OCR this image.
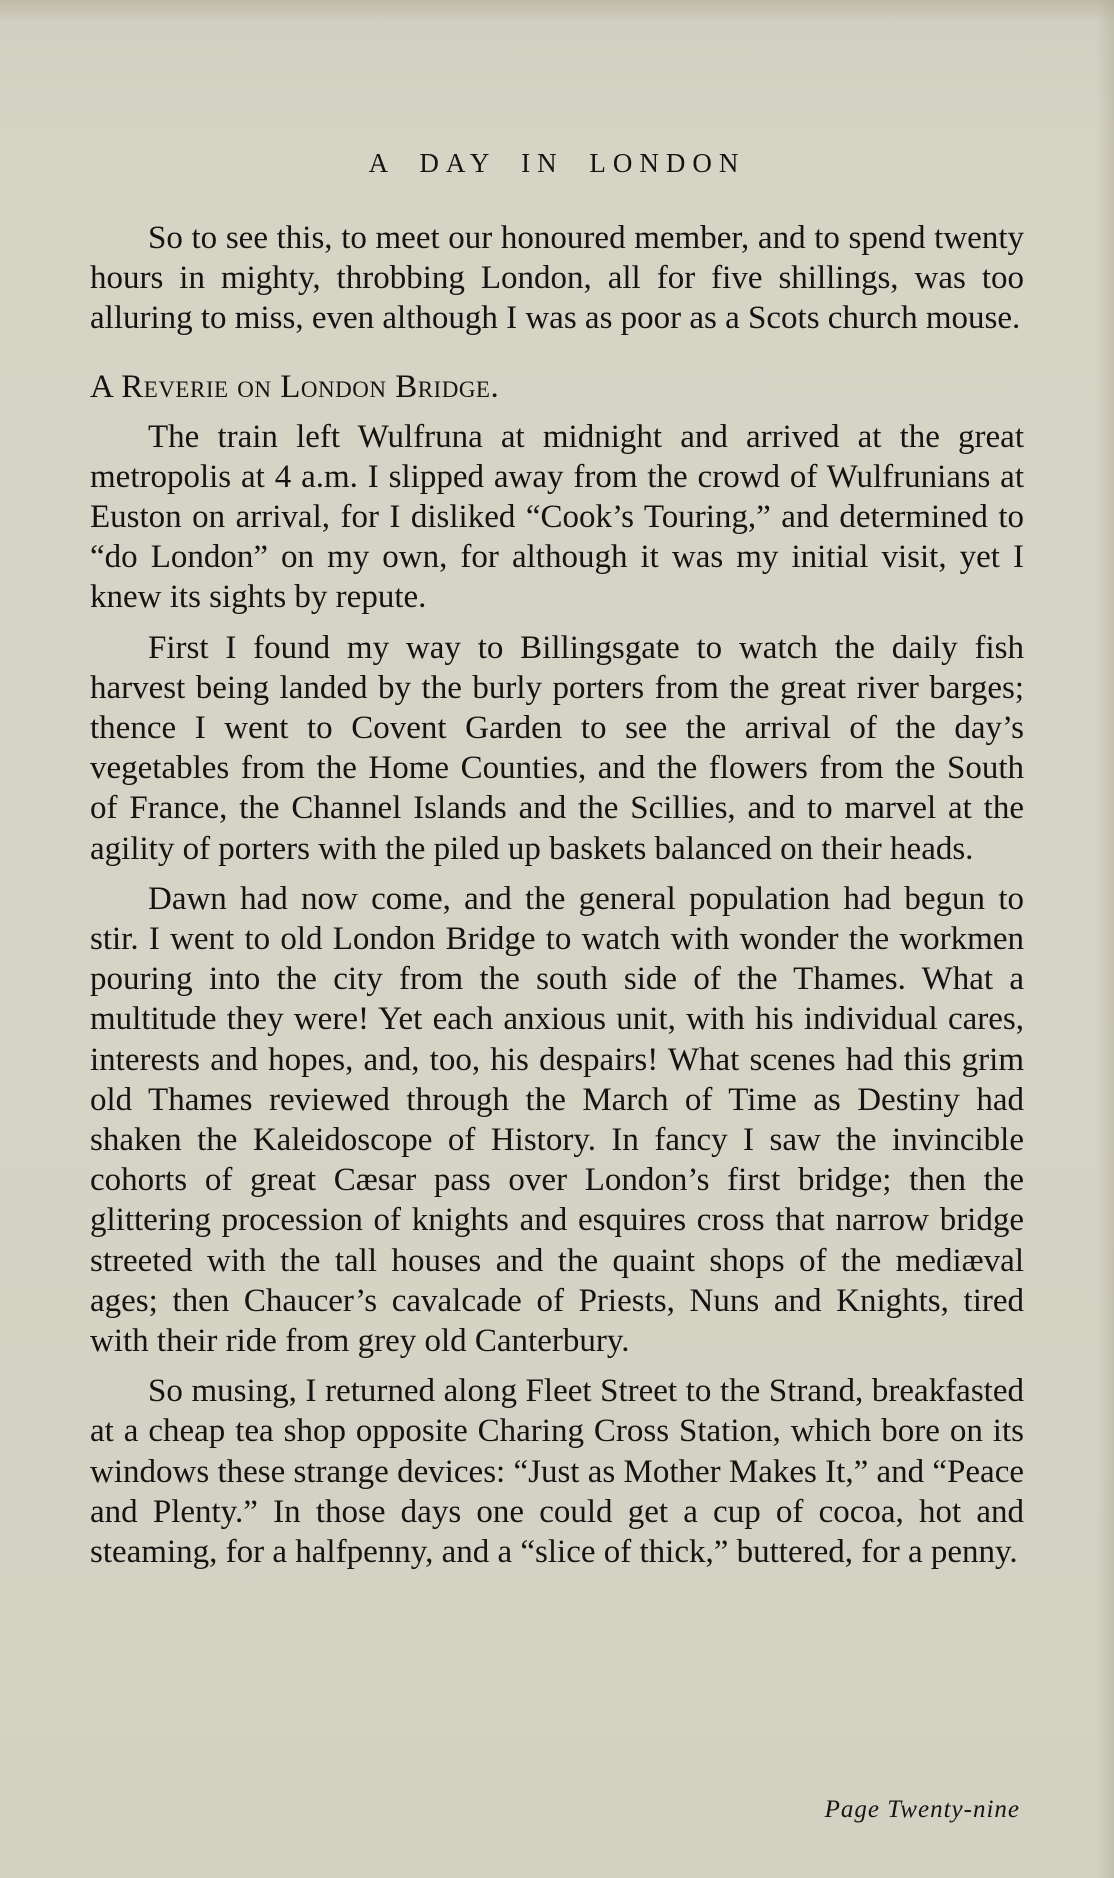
A DAY IN LONDON

So to see this, to meet our honoured member, and to spend twenty hours in mighty, throbbing London, all for five shillings, was too alluring to miss, even although I was as poor as a Scots church mouse.

A Reverie on London Bridge.

The train left Wulfruna at midnight and arrived at the great metropolis at 4 a.m. I slipped away from the crowd of Wulfrunians at Euston on arrival, for I disliked “Cook’s Touring,” and determined to “do London” on my own, for although it was my initial visit, yet I knew its sights by repute.

First I found my way to Billingsgate to watch the daily fish harvest being landed by the burly porters from the great river barges; thence I went to Covent Garden to see the arrival of the day’s vegetables from the Home Counties, and the flowers from the South of France, the Channel Islands and the Scillies, and to marvel at the agility of porters with the piled up baskets balanced on their heads.

Dawn had now come, and the general population had begun to stir. I went to old London Bridge to watch with wonder the workmen pouring into the city from the south side of the Thames. What a multitude they were! Yet each anxious unit, with his individual cares, interests and hopes, and, too, his despairs! What scenes had this grim old Thames reviewed through the March of Time as Destiny had shaken the Kaleidoscope of History. In fancy I saw the invincible cohorts of great Cæsar pass over London’s first bridge; then the glittering procession of knights and esquires cross that narrow bridge streeted with the tall houses and the quaint shops of the mediæval ages; then Chaucer’s cavalcade of Priests, Nuns and Knights, tired with their ride from grey old Canterbury.

So musing, I returned along Fleet Street to the Strand, breakfasted at a cheap tea shop opposite Charing Cross Station, which bore on its windows these strange devices: “Just as Mother Makes It,” and “Peace and Plenty.” In those days one could get a cup of cocoa, hot and steaming, for a halfpenny, and a “slice of thick,” buttered, for a penny.

Page Twenty-nine
